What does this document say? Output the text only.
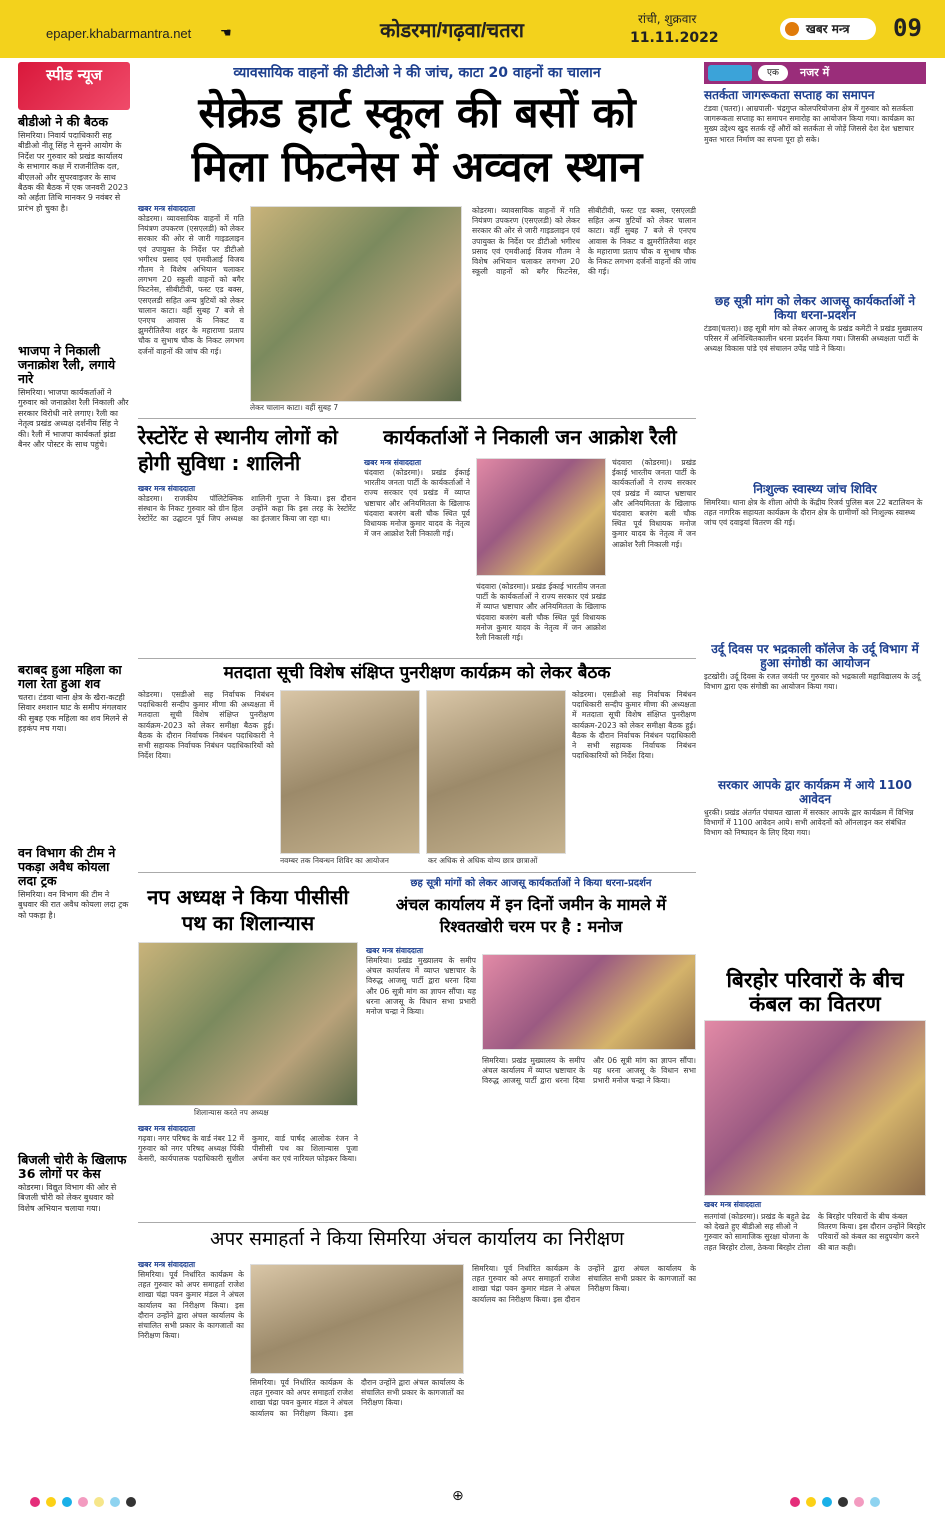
epaper.khabarmantra.net ☚	कोडरमा/गढ़वा/चतरा
रांची, शुक्रवार
11.11.2022
खबर मन्त्र	09
स्पीड न्यूज
बीडीओ ने की बैठक
सिमरिया। निवार्य पदाधिकारी सह बीडीओ नीतू सिंह ने सुनने आयोग के निर्देश पर गुरुवार को प्रखंड कार्यालय के सभागार कक्ष में राजनीतिक दल, बीएलओ और सुपरवाइजर के साथ बैठक की बैठक में एक जनवरी 2023 को अर्हता तिथि मानकर 9 नवंबर से प्रारंभ हो चुका है।
भाजपा ने निकाली जनाक्रोश रैली, लगाये नारे
सिमरिया। भाजपा कार्यकर्ताओं ने गुरुवार को जनाक्रोश रैली निकाली और सरकार विरोधी नारे लगाए। रैली का नेतृत्व प्रखंड अध्यक्ष दर्शनीय सिंह ने की। रैली में भाजपा कार्यकर्ता झंडा बैनर और पोस्टर के साथ पहुंचे।
बराबद हुआ महिला का गला रेता हुआ शव
चतरा। टंडवा थाना क्षेत्र के खैरा-कटही सिवार श्मशान घाट के समीप मंगलवार की सुबह एक महिला का शव मिलने से हड़कंप मच गया।
वन विभाग की टीम ने पकड़ा अवैध कोयला लदा ट्रक
सिमरिया। वन विभाग की टीम ने बुधवार की रात अवैध कोयला लदा ट्रक को पकड़ा है।
बिजली चोरी के खिलाफ 36 लोगों पर केस
कोडरमा। विद्युत विभाग की ओर से बिजली चोरी को लेकर बुधवार को विशेष अभियान चलाया गया।
व्यावसायिक वाहनों की डीटीओ ने की जांच, काटा 20 वाहनों का चालान
सेक्रेड हार्ट स्कूल की बसों को
मिला फिटनेस में अव्वल स्थान
खबर मन्त्र संवाददाता
कोडरमा। व्यावसायिक वाहनों में गति नियंत्रण उपकरण (एसएलडी) को लेकर सरकार की ओर से जारी गाइडलाइन एवं उपायुक्त के निर्देश पर डीटीओ भगीरथ प्रसाद एवं एमवीआई विजय गौतम ने विशेष अभियान चलाकर लगभग 20 स्कूली वाहनों को बगैर फिटनेस, सीबीटीवी, फस्ट एड बक्स, एसएलडी सहित अन्य त्रुटियों को लेकर चालान काटा। वहीं सुबह 7 बजे से एनएच आवास के निकट व झुमरीतिलैया शहर के महाराणा प्रताप चौक व सुभाष चौक के निकट लगभग दर्जनों वाहनों की जांच की गई।
लेकर चालान काटा। वहीं सुबह 7
कोडरमा। व्यावसायिक वाहनों में गति नियंत्रण उपकरण (एसएलडी) को लेकर सरकार की ओर से जारी गाइडलाइन एवं उपायुक्त के निर्देश पर डीटीओ भगीरथ प्रसाद एवं एमवीआई विजय गौतम ने विशेष अभियान चलाकर लगभग 20 स्कूली वाहनों को बगैर फिटनेस, सीबीटीवी, फस्ट एड बक्स, एसएलडी सहित अन्य त्रुटियों को लेकर चालान काटा। वहीं सुबह 7 बजे से एनएच आवास के निकट व झुमरीतिलैया शहर के महाराणा प्रताप चौक व सुभाष चौक के निकट लगभग दर्जनों वाहनों की जांच की गई।
रेस्टोरेंट से स्थानीय लोगों को होगी सुविधा : शालिनी
खबर मन्त्र संवाददाता
कोडरमा। राजकीय पॉलिटेक्निक संस्थान के निकट गुरुवार को ग्रीन हिल रेस्टोरेंट का उद्घाटन पूर्व जिप अध्यक्ष शालिनी गुप्ता ने किया। इस दौरान उन्होंने कहा कि इस तरह के रेस्टोरेंट का इंतजार किया जा रहा था।
कार्यकर्ताओं ने निकाली जन आक्रोश रैली
खबर मन्त्र संवाददाता
चंदवारा (कोडरमा)। प्रखंड ईकाई भारतीय जनता पार्टी के कार्यकर्ताओं ने राज्य सरकार एवं प्रखंड में व्याप्त भ्रष्टाचार और अनियमितता के खिलाफ चंदवारा बजरंग बली चौक स्थित पूर्व विधायक मनोज कुमार यादव के नेतृत्व में जन आक्रोश रैली निकाली गई।
चंदवारा (कोडरमा)। प्रखंड ईकाई भारतीय जनता पार्टी के कार्यकर्ताओं ने राज्य सरकार एवं प्रखंड में व्याप्त भ्रष्टाचार और अनियमितता के खिलाफ चंदवारा बजरंग बली चौक स्थित पूर्व विधायक मनोज कुमार यादव के नेतृत्व में जन आक्रोश रैली निकाली गई।
चंदवारा (कोडरमा)। प्रखंड ईकाई भारतीय जनता पार्टी के कार्यकर्ताओं ने राज्य सरकार एवं प्रखंड में व्याप्त भ्रष्टाचार और अनियमितता के खिलाफ चंदवारा बजरंग बली चौक स्थित पूर्व विधायक मनोज कुमार यादव के नेतृत्व में जन आक्रोश रैली निकाली गई।
मतदाता सूची विशेष संक्षिप्त पुनरीक्षण कार्यक्रम को लेकर बैठक
कोडरमा। एसडीओ सह निर्वाचक निबंधन पदाधिकारी सन्दीप कुमार मीणा की अध्यक्षता में मतदाता सूची विशेष संक्षिप्त पुनरीक्षण कार्यक्रम-2023 को लेकर समीक्षा बैठक हुई। बैठक के दौरान निर्वाचक निबंधन पदाधिकारी ने सभी सहायक निर्वाचक निबंधन पदाधिकारियों को निर्देश दिया।
नवम्बर तक निबन्धन शिविर का आयोजन	कर अधिक से अधिक योग्य छात्र छात्राओं
कोडरमा। एसडीओ सह निर्वाचक निबंधन पदाधिकारी सन्दीप कुमार मीणा की अध्यक्षता में मतदाता सूची विशेष संक्षिप्त पुनरीक्षण कार्यक्रम-2023 को लेकर समीक्षा बैठक हुई। बैठक के दौरान निर्वाचक निबंधन पदाधिकारी ने सभी सहायक निर्वाचक निबंधन पदाधिकारियों को निर्देश दिया।
नप अध्यक्ष ने किया पीसीसी पथ का शिलान्यास
शिलान्यास करते नप अध्यक्ष
खबर मन्त्र संवाददाता
गढ़वा। नगर परिषद के वार्ड नंबर 12 में गुरुवार को नगर परिषद अध्यक्ष पिंकी केसरी, कार्यपालक पदाधिकारी सुशील कुमार, वार्ड पार्षद आलोक रंजन ने पीसीसी पथ का शिलान्यास पूजा अर्चना कर एवं नारियल फोड़कर किया।
छह सूत्री मांगों को लेकर आजसू कार्यकर्ताओं ने किया धरना-प्रदर्शन
अंचल कार्यालय में इन दिनों जमीन के मामले में रिश्वतखोरी चरम पर है : मनोज
खबर मन्त्र संवाददाता
सिमरिया। प्रखंड मुख्यालय के समीप अंचल कार्यालय में व्याप्त भ्रष्टाचार के विरुद्ध आजसू पार्टी द्वारा धरना दिया और 06 सूत्री मांग का ज्ञापन सौंपा। यह धरना आजसू के विधान सभा प्रभारी मनोज चन्द्रा ने किया।
सिमरिया। प्रखंड मुख्यालय के समीप अंचल कार्यालय में व्याप्त भ्रष्टाचार के विरुद्ध आजसू पार्टी द्वारा धरना दिया और 06 सूत्री मांग का ज्ञापन सौंपा। यह धरना आजसू के विधान सभा प्रभारी मनोज चन्द्रा ने किया।
अपर समाहर्ता ने किया सिमरिया अंचल कार्यालय का निरीक्षण
खबर मन्त्र संवाददाता
सिमरिया। पूर्व निर्धारित कार्यक्रम के तहत गुरुवार को अपर समाहर्ता राजेश शाखा चंद्रा पवन कुमार मंडल ने अंचल कार्यालय का निरीक्षण किया। इस दौरान उन्होंने द्वारा अंचल कार्यालय के संचालित सभी प्रकार के कागजातों का निरीक्षण किया।
सिमरिया। पूर्व निर्धारित कार्यक्रम के तहत गुरुवार को अपर समाहर्ता राजेश शाखा चंद्रा पवन कुमार मंडल ने अंचल कार्यालय का निरीक्षण किया। इस दौरान उन्होंने द्वारा अंचल कार्यालय के संचालित सभी प्रकार के कागजातों का निरीक्षण किया।
सिमरिया। पूर्व निर्धारित कार्यक्रम के तहत गुरुवार को अपर समाहर्ता राजेश शाखा चंद्रा पवन कुमार मंडल ने अंचल कार्यालय का निरीक्षण किया। इस दौरान उन्होंने द्वारा अंचल कार्यालय के संचालित सभी प्रकार के कागजातों का निरीक्षण किया।
एक	नजर में
सतर्कता जागरूकता सप्ताह का समापन
टंडवा (चतरा)। आम्रपाली- चंद्रगुप्त कोलपरियोजना क्षेत्र में गुरुवार को सतर्कता जागरूकता सप्ताह का समापन समारोह का आयोजन किया गया। कार्यक्रम का मुख्य उद्देश्य खुद सतर्क रहें औरों को सतर्कता से जोड़ें जिससे देश देश भ्रष्टाचार मुक्त भारत निर्माण का सपना पूरा हो सके।
छह सूत्री मांग को लेकर आजसू कार्यकर्ताओं ने किया धरना-प्रदर्शन
टंडवा(चतरा)। छह सूत्री मांग को लेकर आजसू के प्रखंड कमेटी ने प्रखंड मुख्यालय परिसर में अनिश्चितकालीन धरना प्रदर्शन किया गया। जिसकी अध्यक्षता पार्टी के अध्यक्ष विकास पांडे एवं संचालन उपेंद्र पांडे ने किया।
निःशुल्क स्वास्थ्य जांच शिविर
सिमरिया। थाना क्षेत्र के शीला ओपी के केंद्रीय रिजर्व पुलिस बल 22 बटालियन के तहत नागरिक सहायता कार्यक्रम के दौरान क्षेत्र के ग्रामीणों को निःशुल्क स्वास्थ्य जांच एवं दवाइयां वितरण की गई।
उर्दू दिवस पर भद्रकाली कॉलेज के उर्दू विभाग में हुआ संगोष्ठी का आयोजन
इटखोरी। उर्दू दिवस के रजत जयंती पर गुरुवार को भद्रकाली महाविद्यालय के उर्दू विभाग द्वारा एक संगोष्ठी का आयोजन किया गया।
सरकार आपके द्वार कार्यक्रम में आये 1100 आवेदन
धुरकी। प्रखंड अंतर्गत पंचायत खाला में सरकार आपके द्वार कार्यक्रम में विभिन्न विभागों में 1100 आवेदन आये। सभी आवेदनों को ऑनलाइन कर संबंधित विभाग को निष्पादन के लिए दिया गया।
बिरहोर परिवारों के बीच कंबल का वितरण
खबर मन्त्र संवाददाता
सतगांवां (कोडरमा)। प्रखंड के बहुते ढेढ को देखते हुए बीडीओ सह सीओ ने गुरुवार को सामाजिक सुरक्षा योजना के तहत बिरहोर टोला, ठेकवा बिरहोर टोला के बिरहोर परिवारों के बीच कंबल वितरण किया। इस दौरान उन्होंने बिरहोर परिवारों को कंबल का सदुपयोग करने की बात कही।
⊕
